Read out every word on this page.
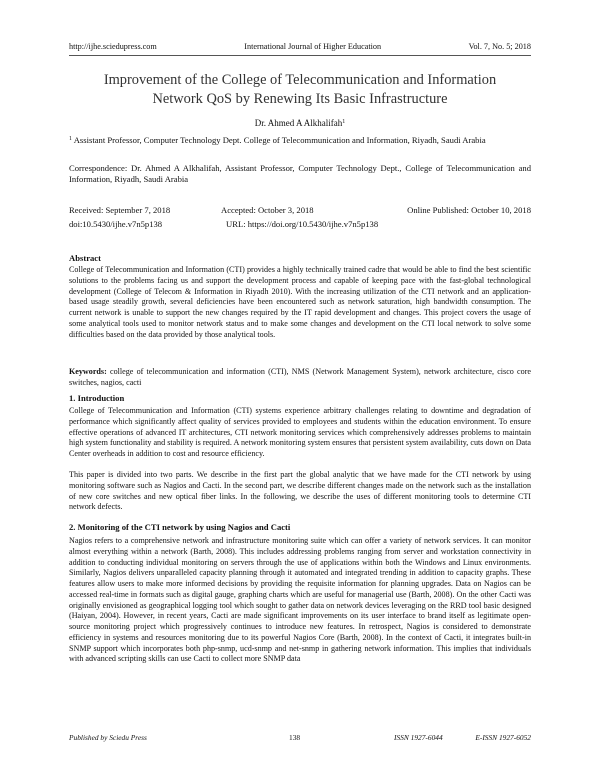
http://ijhe.sciedupress.com	International Journal of Higher Education	Vol. 7, No. 5; 2018
Improvement of the College of Telecommunication and Information
Network QoS by Renewing Its Basic Infrastructure
Dr. Ahmed A Alkhalifah$^1$
$^1$ Assistant Professor, Computer Technology Dept. College of Telecommunication and Information, Riyadh, Saudi Arabia
Correspondence: Dr. Ahmed A Alkhalifah, Assistant Professor, Computer Technology Dept., College of Telecommunication and Information, Riyadh, Saudi Arabia
Received: September 7, 2018	Accepted: October 3, 2018	Online Published: October 10, 2018
doi:10.5430/ijhe.v7n5p138	URL: https://doi.org/10.5430/ijhe.v7n5p138
Abstract

College of Telecommunication and Information (CTI) provides a highly technically trained cadre that would be able to find the best scientific solutions to the problems facing us and support the development process and capable of keeping pace with the fast-global technological development (College of Telecom & Information in Riyadh 2010). With the increasing utilization of the CTI network and an application-based usage steadily growth, several deficiencies have been encountered such as network saturation, high bandwidth consumption. The current network is unable to support the new changes required by the IT rapid development and changes. This project covers the usage of some analytical tools used to monitor network status and to make some changes and development on the CTI local network to solve some difficulties based on the data provided by those analytical tools.

Keywords: college of telecommunication and information (CTI), NMS (Network Management System), network architecture, cisco core switches, nagios, cacti

1. Introduction

College of Telecommunication and Information (CTI) systems experience arbitrary challenges relating to downtime and degradation of performance which significantly affect quality of services provided to employees and students within the education environment. To ensure effective operations of advanced IT architectures, CTI network monitoring services which comprehensively addresses problems to maintain high system functionality and stability is required. A network monitoring system ensures that persistent system availability, cuts down on Data Center overheads in addition to cost and resource efficiency.

This paper is divided into two parts. We describe in the first part the global analytic that we have made for the CTI network by using monitoring software such as Nagios and Cacti. In the second part, we describe different changes made on the network such as the installation of new core switches and new optical fiber links. In the following, we describe the uses of different monitoring tools to determine CTI network defects.

2. Monitoring of the CTI network by using Nagios and Cacti

Nagios refers to a comprehensive network and infrastructure monitoring suite which can offer a variety of network services. It can monitor almost everything within a network (Barth, 2008). This includes addressing problems ranging from server and workstation connectivity in addition to conducting individual monitoring on servers through the use of applications within both the Windows and Linux environments. Similarly, Nagios delivers unparalleled capacity planning through it automated and integrated trending in addition to capacity graphs. These features allow users to make more informed decisions by providing the requisite information for planning upgrades. Data on Nagios can be accessed real-time in formats such as digital gauge, graphing charts which are useful for managerial use (Barth, 2008). On the other Cacti was originally envisioned as geographical logging tool which sought to gather data on network devices leveraging on the RRD tool basic designed (Haiyan, 2004). However, in recent years, Cacti are made significant improvements on its user interface to brand itself as legitimate open-source monitoring project which progressively continues to introduce new features. In retrospect, Nagios is considered to demonstrate efficiency in systems and resources monitoring due to its powerful Nagios Core (Barth, 2008). In the context of Cacti, it integrates built-in SNMP support which incorporates both php-snmp, ucd-snmp and net-snmp in gathering network information. This implies that individuals with advanced scripting skills can use Cacti to collect more SNMP data

Published by Sciedu Press	138	ISSN 1927-6044	E-ISSN 1927-6052
